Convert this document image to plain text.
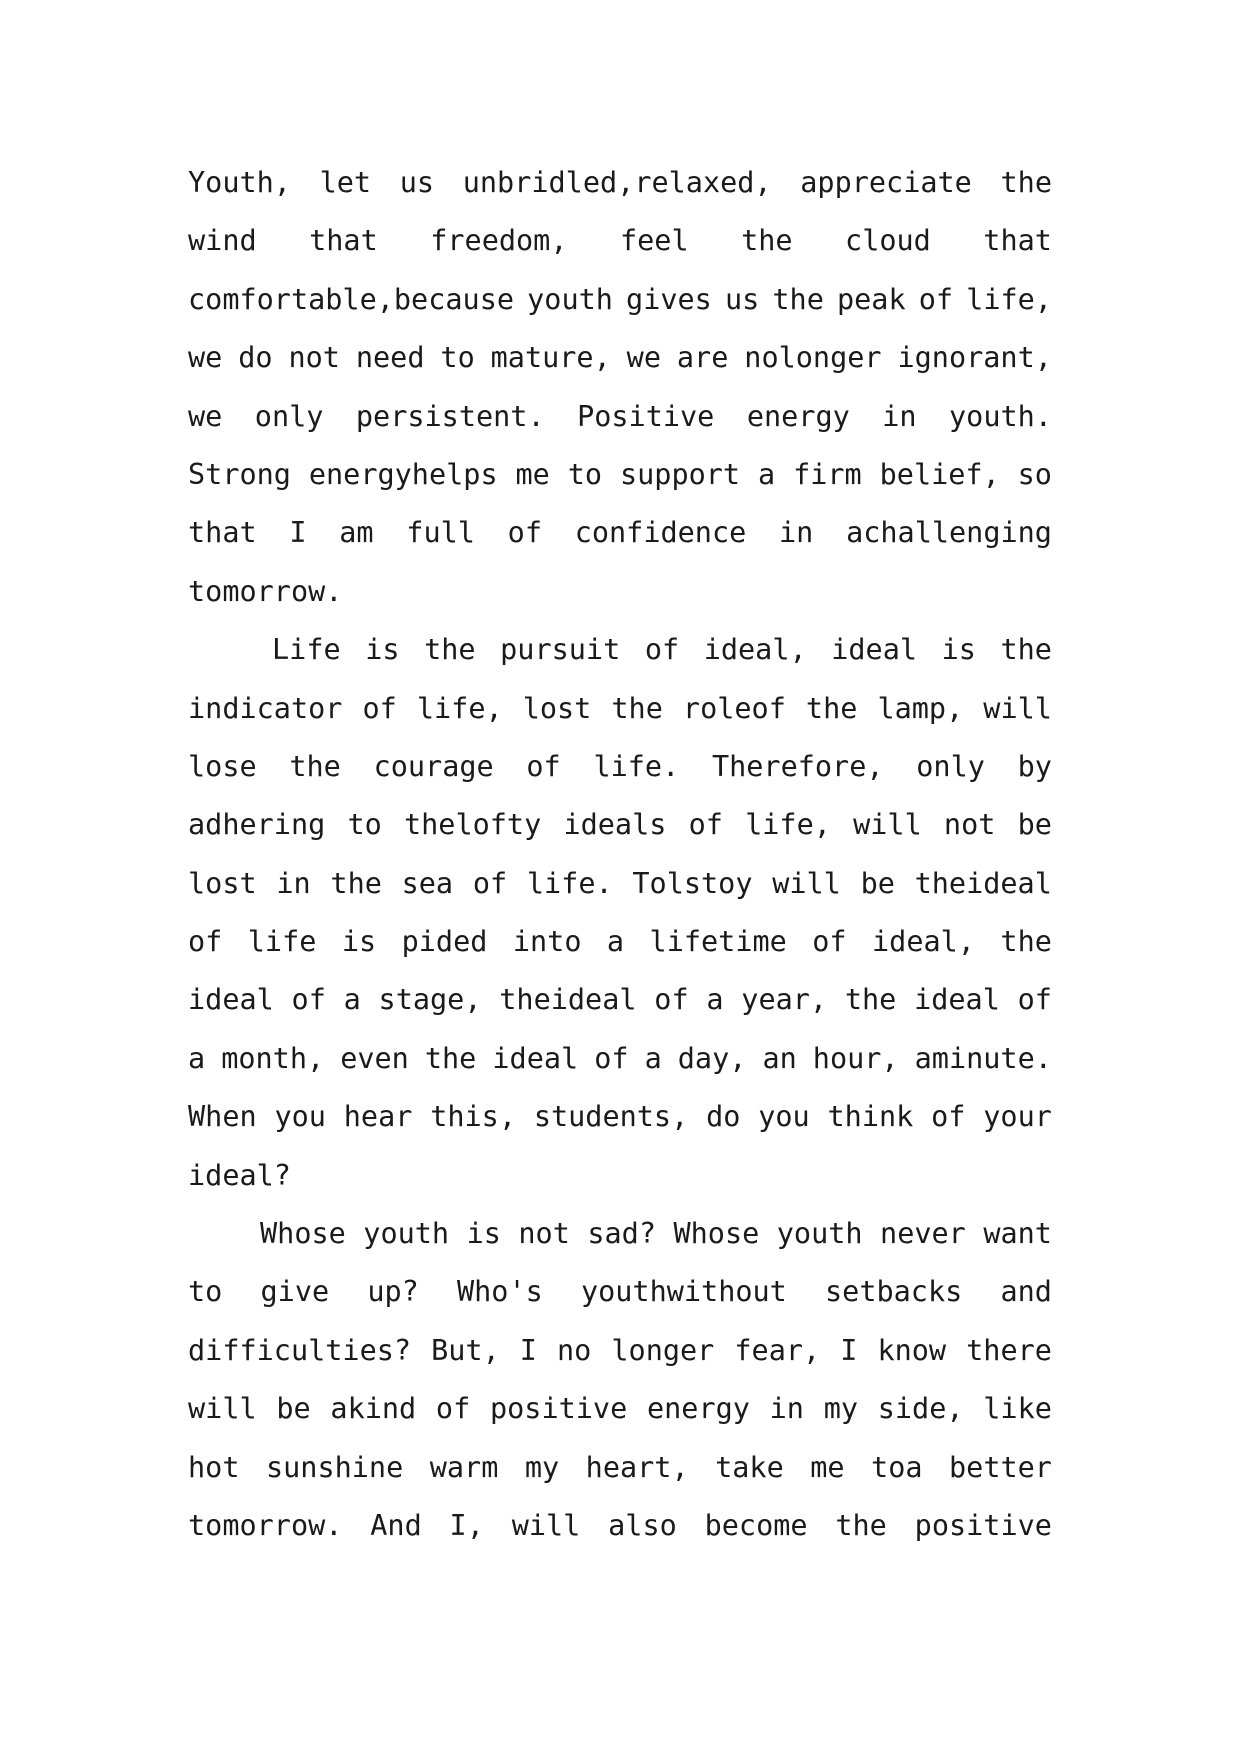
Youth, let us unbridled,relaxed, appreciate the
wind that freedom, feel the cloud that
comfortable,because youth gives us the peak of life,
we do not need to mature, we are nolonger ignorant,
we only persistent. Positive energy in youth.
Strong energyhelps me to support a firm belief, so
that I am full of confidence in achallenging
tomorrow.
Life is the pursuit of ideal, ideal is the
indicator of life, lost the roleof the lamp, will
lose the courage of life. Therefore, only by
adhering to thelofty ideals of life, will not be
lost in the sea of life. Tolstoy will be theideal
of life is pided into a lifetime of ideal, the
ideal of a stage, theideal of a year, the ideal of
a month, even the ideal of a day, an hour, aminute.
When you hear this, students, do you think of your
ideal?
Whose youth is not sad? Whose youth never want
to give up? Who's youthwithout setbacks and
difficulties? But, I no longer fear, I know there
will be akind of positive energy in my side, like
hot sunshine warm my heart, take me toa better
tomorrow. And I, will also become the positive
